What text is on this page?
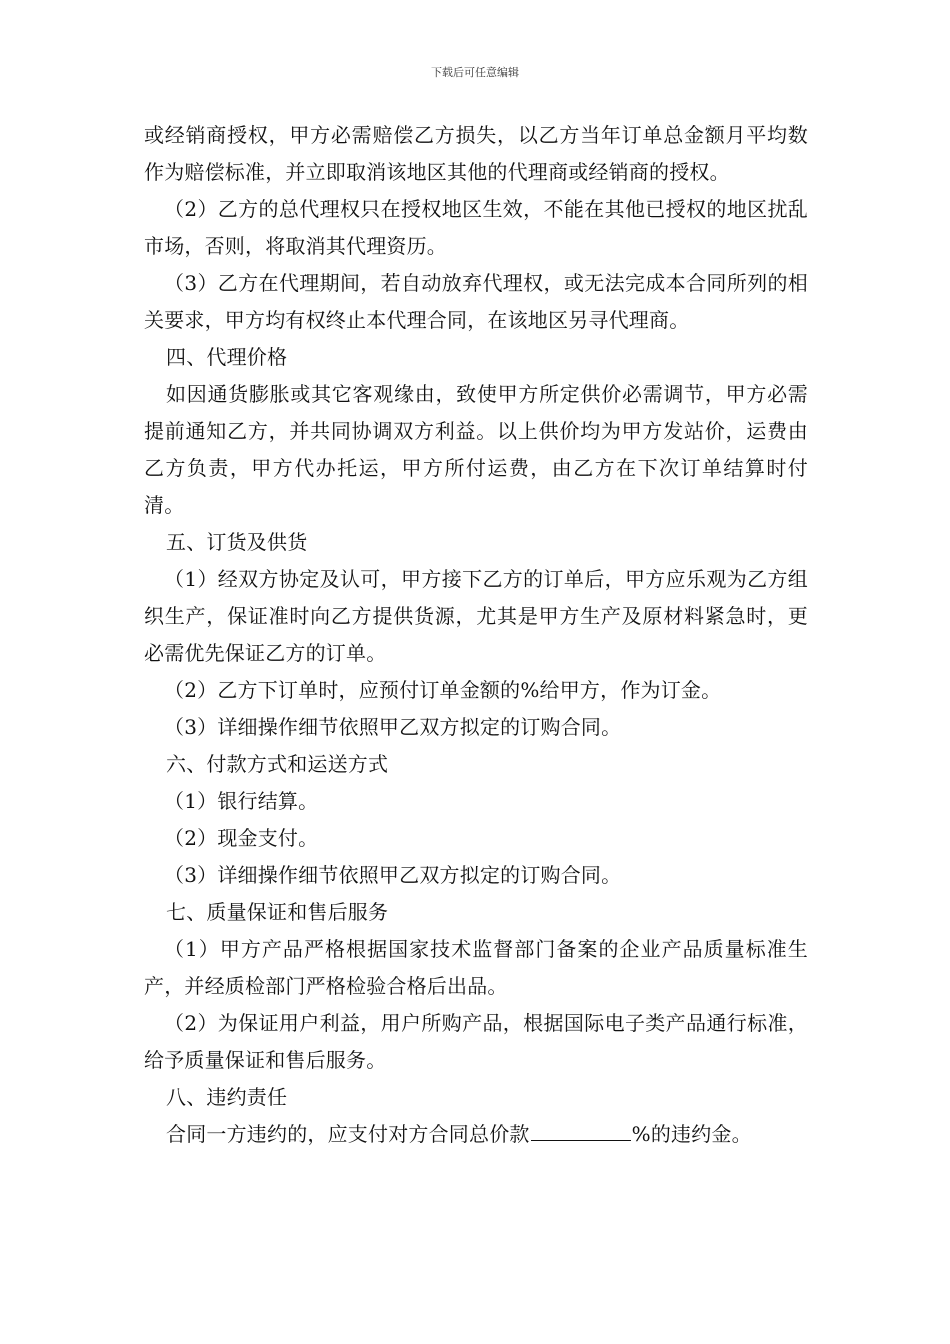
下载后可任意编辑

或经销商授权，甲方必需赔偿乙方损失，以乙方当年订单总金额月平均数作为赔偿标准，并立即取消该地区其他的代理商或经销商的授权。

（2）乙方的总代理权只在授权地区生效，不能在其他已授权的地区扰乱市场，否则，将取消其代理资历。

（3）乙方在代理期间，若自动放弃代理权，或无法完成本合同所列的相关要求，甲方均有权终止本代理合同，在该地区另寻代理商。

四、代理价格

如因通货膨胀或其它客观缘由，致使甲方所定供价必需调节，甲方必需提前通知乙方，并共同协调双方利益。以上供价均为甲方发站价，运费由乙方负责，甲方代办托运，甲方所付运费，由乙方在下次订单结算时付清。

五、订货及供货

（1）经双方协定及认可，甲方接下乙方的订单后，甲方应乐观为乙方组织生产，保证准时向乙方提供货源，尤其是甲方生产及原材料紧急时，更必需优先保证乙方的订单。

（2）乙方下订单时，应预付订单金额的%给甲方，作为订金。

（3）详细操作细节依照甲乙双方拟定的订购合同。

六、付款方式和运送方式

（1）银行结算。

（2）现金支付。

（3）详细操作细节依照甲乙双方拟定的订购合同。

七、质量保证和售后服务

（1）甲方产品严格根据国家技术监督部门备案的企业产品质量标准生产，并经质检部门严格检验合格后出品。

（2）为保证用户利益，用户所购产品，根据国际电子类产品通行标准，给予质量保证和售后服务。

八、违约责任

合同一方违约的，应支付对方合同总价款	%的违约金。
